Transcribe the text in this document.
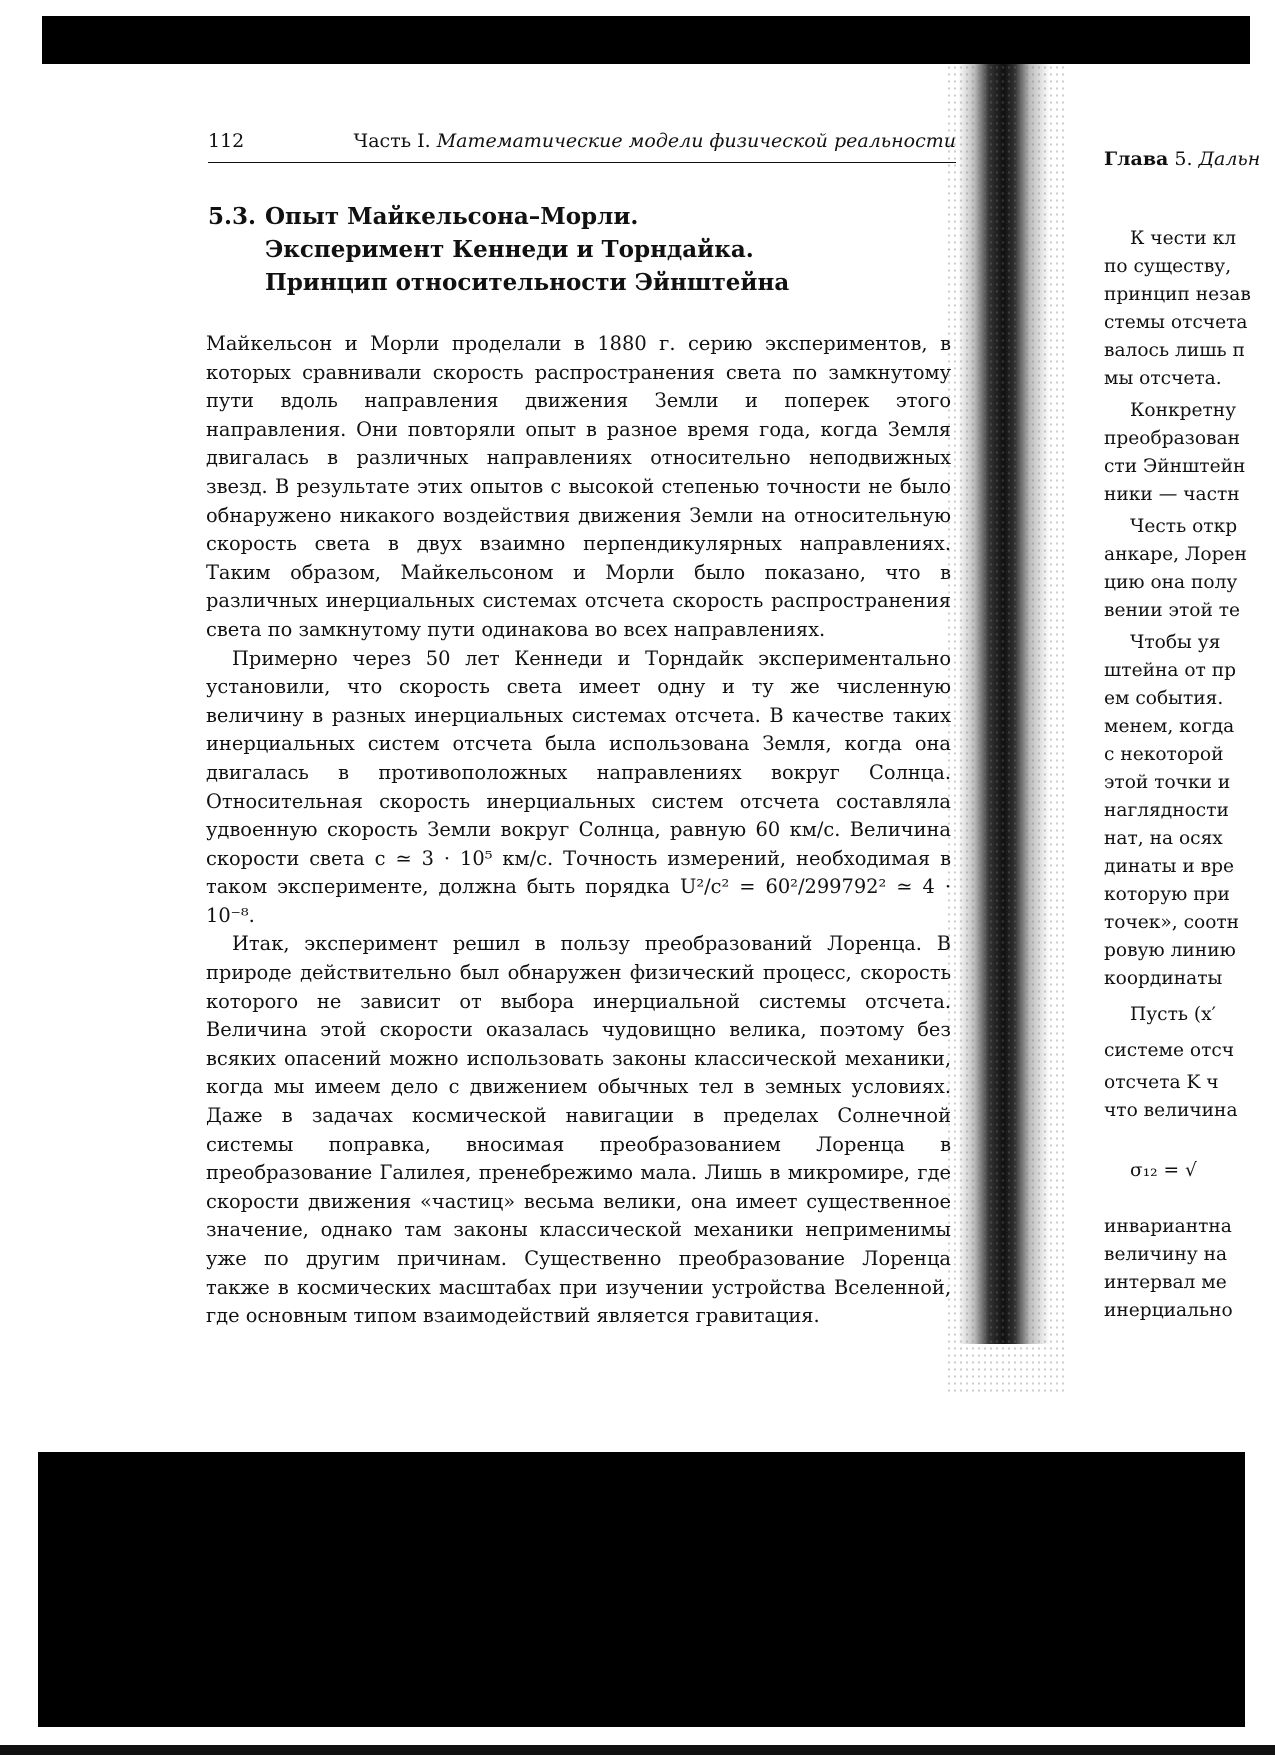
112	Часть I. Математические модели физической реальности
5.3. Опыт Майкельсона–Морли.
Эксперимент Кеннеди и Торндайка.
Принцип относительности Эйнштейна

Майкельсон и Морли проделали в 1880 г. серию экспериментов, в которых сравнивали скорость распространения света по замкнутому пути вдоль направления движения Земли и поперек этого направления. Они повторяли опыт в разное время года, когда Земля двигалась в различных направлениях относительно неподвижных звезд. В результате этих опытов с высокой степенью точности не было обнаружено никакого воздействия движения Земли на относительную скорость света в двух взаимно перпендикулярных направлениях. Таким образом, Майкельсоном и Морли было показано, что в различных инерциальных системах отсчета скорость распространения света по замкнутому пути одинакова во всех направлениях.

Примерно через 50 лет Кеннеди и Торндайк экспериментально установили, что скорость света имеет одну и ту же численную величину в разных инерциальных системах отсчета. В качестве таких инерциальных систем отсчета была использована Земля, когда она двигалась в противоположных направлениях вокруг Солнца. Относительная скорость инерциальных систем отсчета составляла удвоенную скорость Земли вокруг Солнца, равную 60 км/с. Величина скорости света c ≃ 3 · 10⁵ км/с. Точность измерений, необходимая в таком эксперименте, должна быть порядка U²/c² = 60²/299792² ≃ 4 · 10⁻⁸.

Итак, эксперимент решил в пользу преобразований Лоренца. В природе действительно был обнаружен физический процесс, скорость которого не зависит от выбора инерциальной системы отсчета. Величина этой скорости оказалась чудовищно велика, поэтому без всяких опасений можно использовать законы классической механики, когда мы имеем дело с движением обычных тел в земных условиях. Даже в задачах космической навигации в пределах Солнечной системы поправка, вносимая преобразованием Лоренца в преобразование Галилея, пренебрежимо мала. Лишь в микромире, где скорости движения «частиц» весьма велики, она имеет существенное значение, однако там законы классической механики неприменимы уже по другим причинам. Существенно преобразование Лоренца также в космических масштабах при изучении устройства Вселенной, где основным типом взаимодействий является гравитация.

Глава 5. Дальн
К чести кл
по существу,
принцип незав
стемы отсчета
валось лишь п
мы отсчета.
Конкретну
преобразован
сти Эйнштейн
ники — частн
Честь откр
анкаре, Лорен
цию она полу
вении этой те
Чтобы уя
штейна от пр
ем события.
менем, когда
с некоторой
этой точки и
наглядности
нат, на осях
динаты и вре
которую при
точек», соотн
ровую линию
координаты
Пусть (x′
системе отсч
отсчета K ч
что величина
σ₁₂ = √
инвариантна
величину на
интервал ме
инерциально
